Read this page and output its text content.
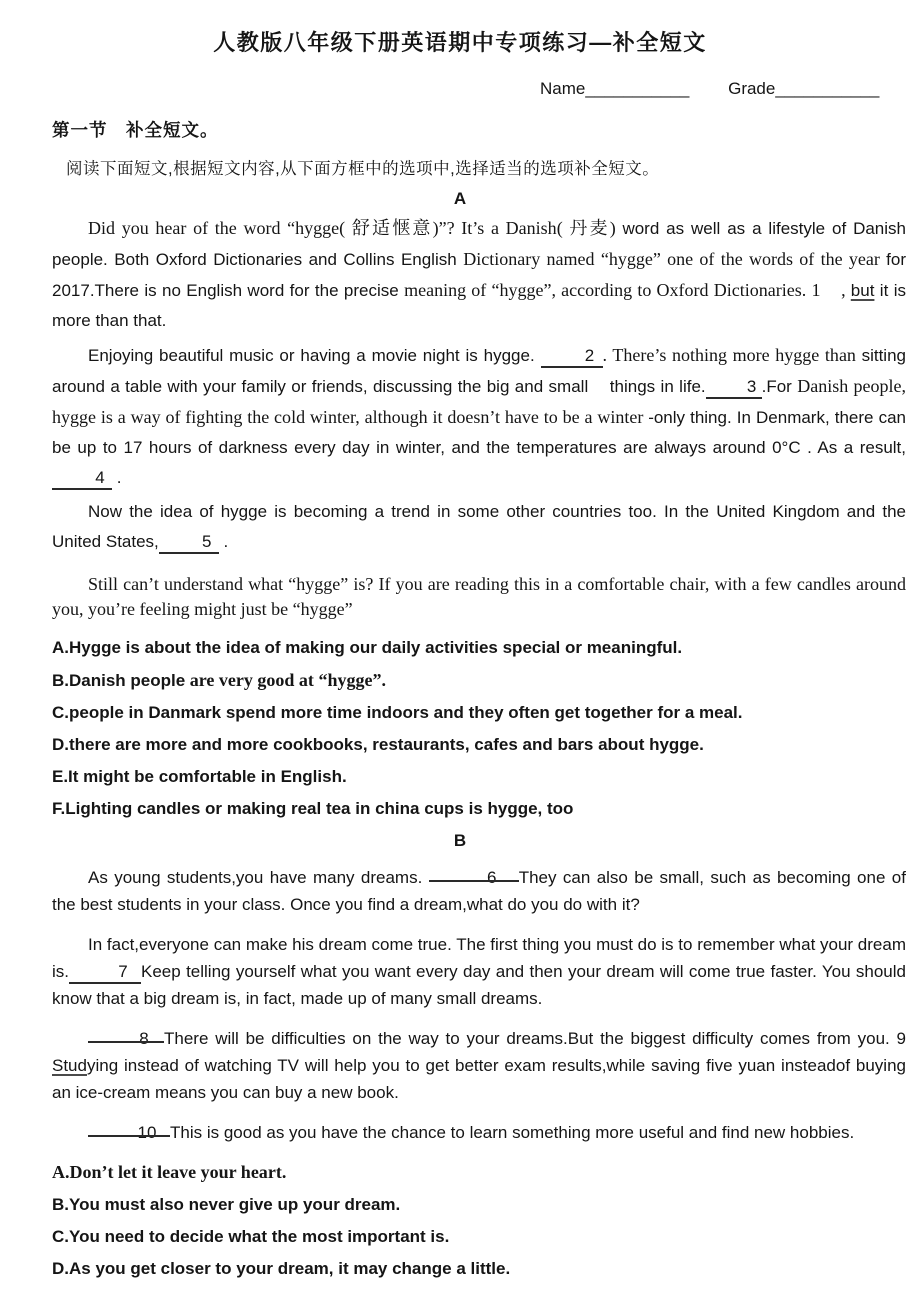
人教版八年级下册英语期中专项练习—补全短文
Name___________ Grade___________
第一节　补全短文。
阅读下面短文,根据短文内容,从下面方框中的选项中,选择适当的选项补全短文。
A

Did you hear of the word “hygge( 舒适惬意)”? It’s a Danish( 丹麦) word as well as a lifestyle of Danish people. Both Oxford Dictionaries and Collins English Dictionary named “hygge” one of the words of the year for 2017.There is no English word for the precise meaning of “hygge”, according to Oxford Dictionaries. 1    , but it is more than that.

Enjoying beautiful music or having a movie night is hygge.	2 . There’s nothing more hygge than sitting around a table with your family or friends, discussing the big and small    things in life. 3 .For Danish people, hygge is a way of fighting the cold winter, although it doesn’t have to be a winter -only thing. In Denmark, there can be up to 17 hours of darkness every day in winter, and the temperatures are always around 0°C . As a result,4 .

Now the idea of hygge is becoming a trend in some other countries too. In the United Kingdom and the United States,	5 .

Still can’t understand what “hygge” is? If you are reading this in a comfortable chair, with a few candles around you, you’re feeling might just be “hygge”

A.Hygge is about the idea of making our daily activities special or meaningful.
B.Danish people are very good at “hygge”.
C.people in Danmark spend more time indoors and they often get together for a meal.
D.there are more and more cookbooks, restaurants, cafes and bars about hygge.
E.It might be comfortable in English.
F.Lighting candles or making real tea in china cups is hygge, too
B

As young students,you have many dreams.	6 They can also be small, such as becoming one of the best students in your class. Once you find a dream,what do you do with it?

In fact,everyone can make his dream come true. The first thing you must do is to remember what your dream is.	7 Keep telling yourself what you want every day and then your dream will come true faster. You should know that a big dream is, in fact, made up of many small dreams.

8 There will be difficulties on the way to your dreams.But the biggest difficulty comes from you. 9 Studying instead of watching TV will help you to get better exam results,while saving five yuan insteadof buying an ice-cream means you can buy a new book.

10 This is good as you have the chance to learn something more useful and find new hobbies.

A.Don’t let it leave your heart.
B.You must also never give up your dream.
C.You need to decide what the most important is.
D.As you get closer to your dream, it may change a little.
